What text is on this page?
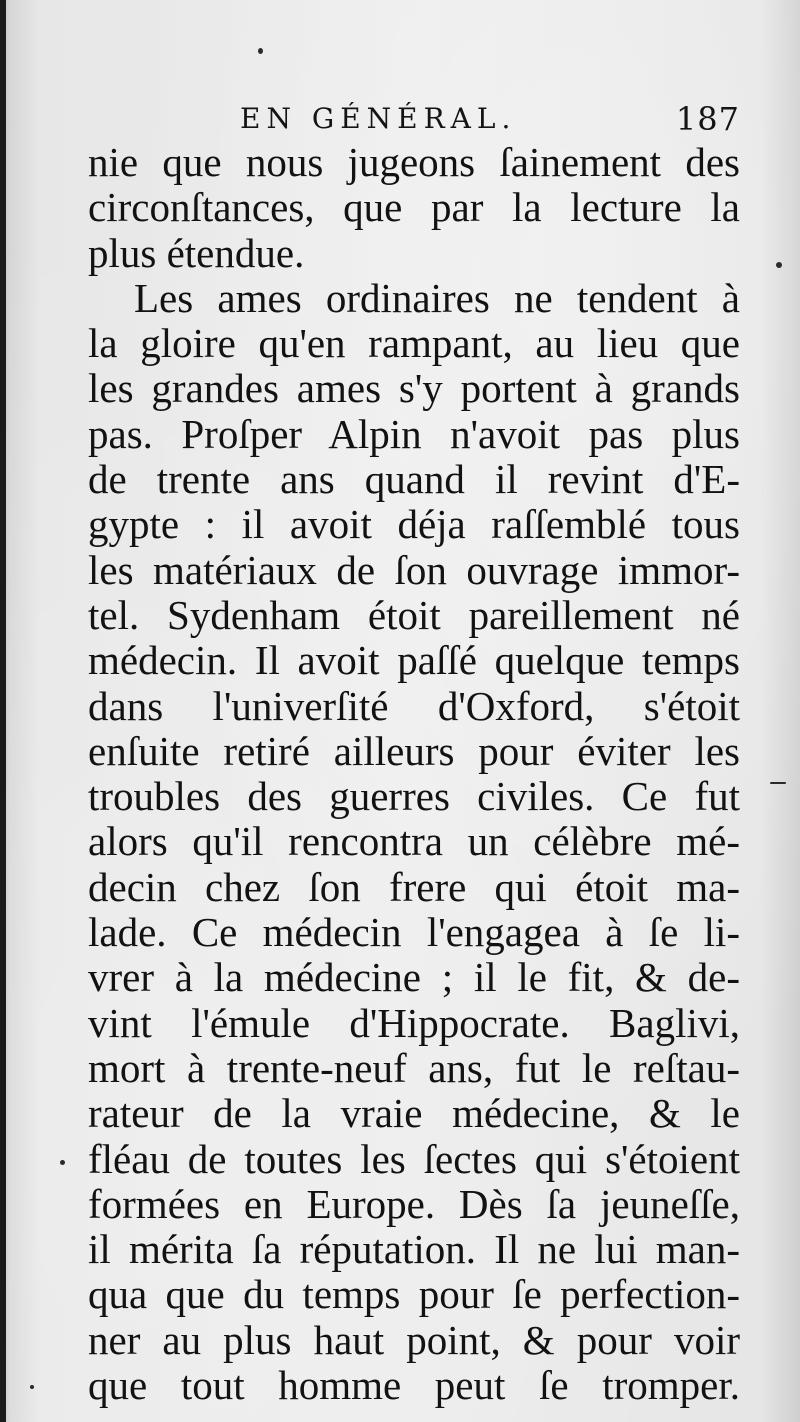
EN GÉNÉRAL.	187
nie que nous jugeons ſainement des
circonſtances, que par la lecture la
plus étendue.
Les ames ordinaires ne tendent à
la gloire qu'en rampant, au lieu que
les grandes ames s'y portent à grands
pas. Proſper Alpin n'avoit pas plus
de trente ans quand il revint d'E-
gypte : il avoit déja raſſemblé tous
les matériaux de ſon ouvrage immor-
tel. Sydenham étoit pareillement né
médecin. Il avoit paſſé quelque temps
dans l'univerſité d'Oxford, s'étoit
enſuite retiré ailleurs pour éviter les
troubles des guerres civiles. Ce fut
alors qu'il rencontra un célèbre mé-
decin chez ſon frere qui étoit ma-
lade. Ce médecin l'engagea à ſe li-
vrer à la médecine ; il le fit, & de-
vint l'émule d'Hippocrate. Baglivi,
mort à trente-neuf ans, fut le reſtau-
rateur de la vraie médecine, & le
fléau de toutes les ſectes qui s'étoient
formées en Europe. Dès ſa jeuneſſe,
il mérita ſa réputation. Il ne lui man-
qua que du temps pour ſe perfection-
ner au plus haut point, & pour voir
que tout homme peut ſe tromper.
